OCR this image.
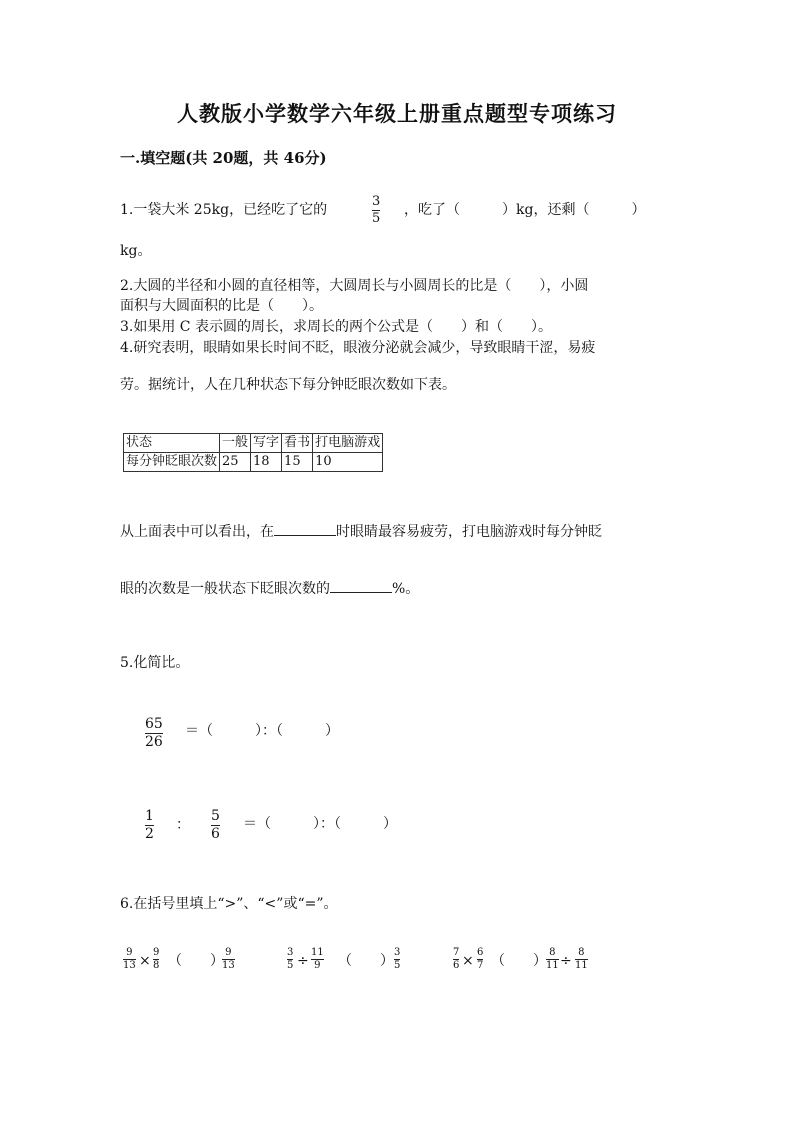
人教版小学数学六年级上册重点题型专项练习
一.填空题(共 20题，共 46分)
1.一袋大米 25kg，已经吃了它的
3
5
，吃了（　　　）kg，还剩（　　　）
kg。
2.大圆的半径和小圆的直径相等，大圆周长与小圆周长的比是（　　），小圆
面积与大圆面积的比是（　　）。
3.如果用 C 表示圆的周长，求周长的两个公式是（　　）和（　　）。
4.研究表明，眼睛如果长时间不眨，眼液分泌就会减少，导致眼睛干涩，易疲
劳。据统计，人在几种状态下每分钟眨眼次数如下表。
状态	一般	写字	看书	打电脑游戏
每分钟眨眼次数	25	18	15	10
从上面表中可以看出，在	时眼睛最容易疲劳，打电脑游戏时每分钟眨
眼的次数是一般状态下眨眼次数的	%。
5.化简比。
65
26
＝（　　　）：（　　　）
1
2
：
5
6
＝（　　　）：（　　　）
6.在括号里填上“>”、“<”或“=”。
9
13 ×
9
8 （　　）
9
13
3
5 ÷
11
9 （　　）
3
5
7
6 ×
6
7 （　　）
8
11 ÷
8
11
